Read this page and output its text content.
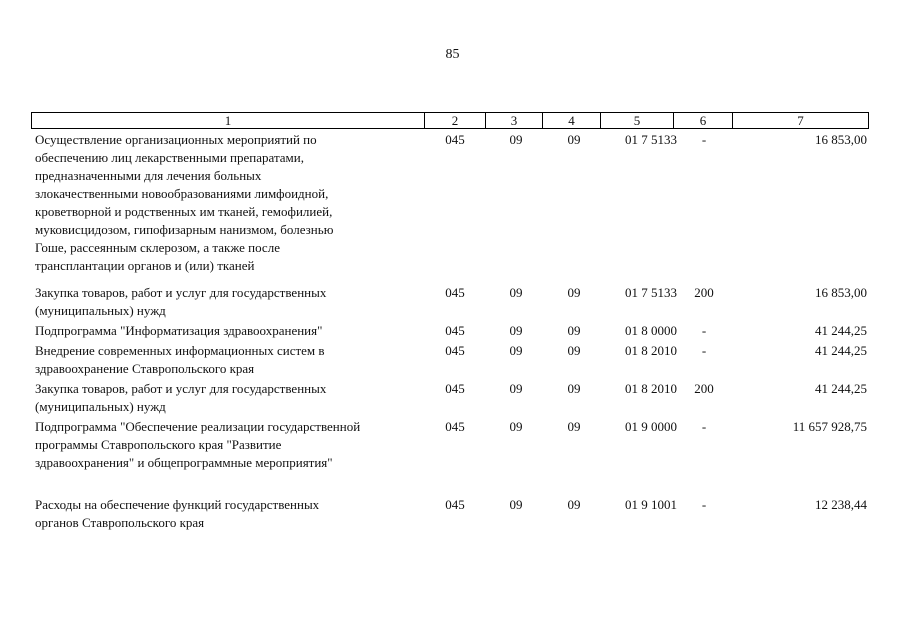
85
1	2	3	4	5	6	7
Осуществление организационных мероприятий по
обеспечению лиц лекарственными препаратами,
предназначенными для лечения больных
злокачественными новообразованиями лимфоидной,
кроветворной и родственных им тканей, гемофилией,
муковисцидозом, гипофизарным нанизмом, болезнью
Гоше, рассеянным склерозом, а также после
трансплантации органов и (или) тканей
045	09	09	01 7 5133	-	16 853,00
Закупка товаров, работ и услуг для государственных
(муниципальных) нужд
045	09	09	01 7 5133	200	16 853,00
Подпрограмма "Информатизация здравоохранения"	045	09	09	01 8 0000	-	41 244,25
Внедрение современных информационных систем в
здравоохранение Ставропольского края
045	09	09	01 8 2010	-	41 244,25
Закупка товаров, работ и услуг для государственных
(муниципальных) нужд
045	09	09	01 8 2010	200	41 244,25
Подпрограмма "Обеспечение реализации государственной
программы Ставропольского края "Развитие
здравоохранения" и общепрограммные мероприятия"
045	09	09	01 9 0000	-	11 657 928,75
Расходы на обеспечение функций государственных
органов Ставропольского края
045	09	09	01 9 1001	-	12 238,44
